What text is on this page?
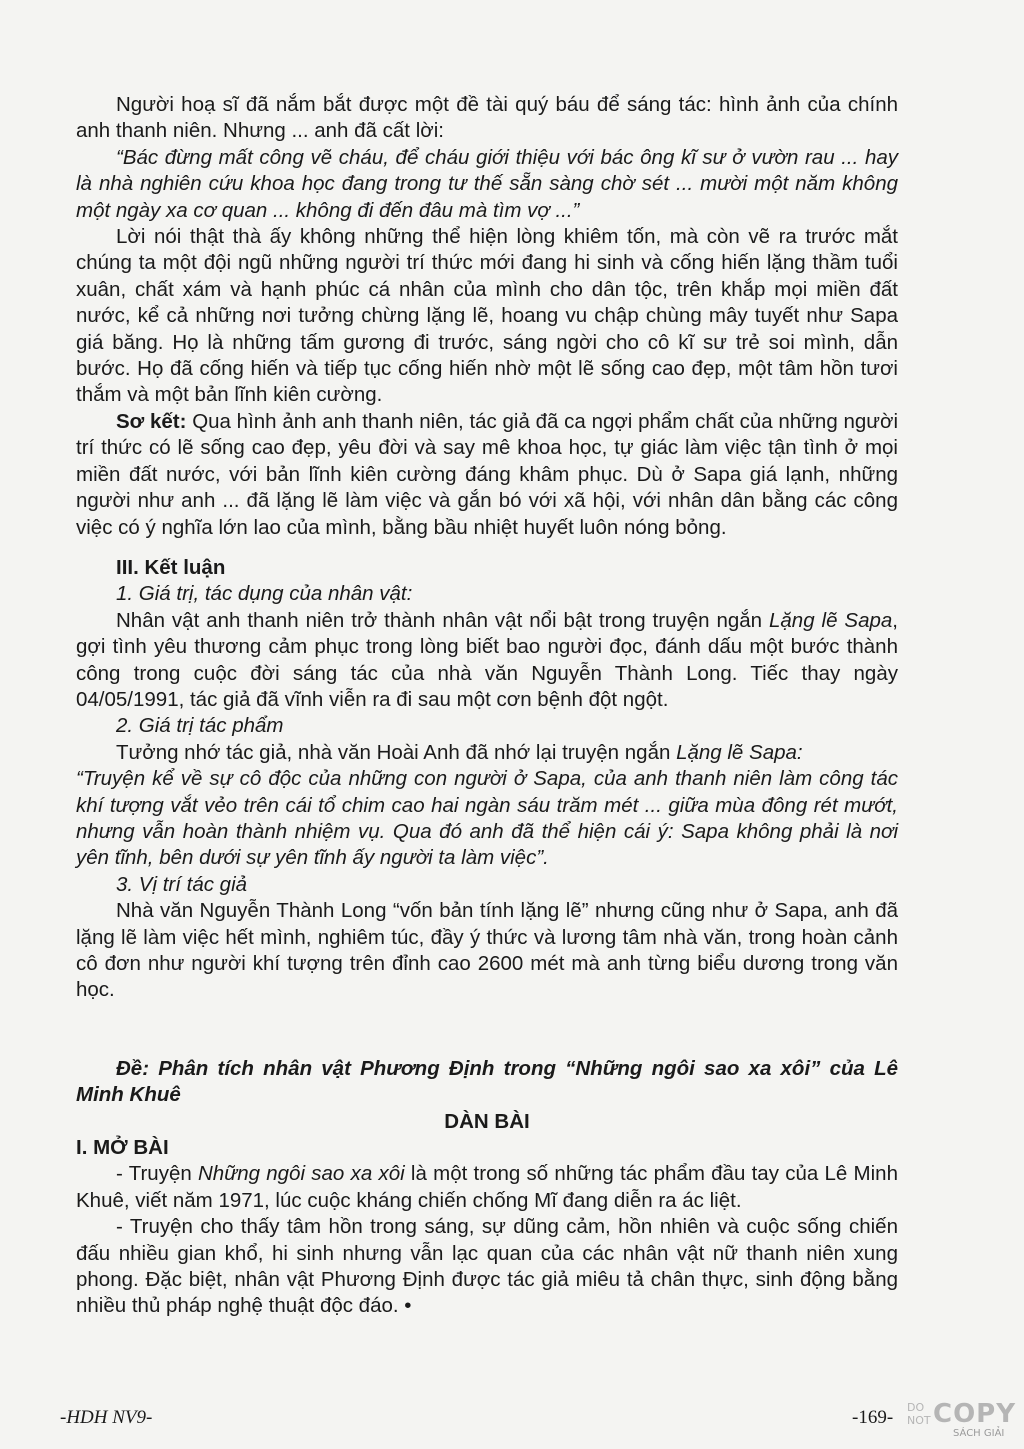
Người hoạ sĩ đã nắm bắt được một đề tài quý báu để sáng tác: hình ảnh của chính anh thanh niên. Nhưng ... anh đã cất lời:

“Bác đừng mất công vẽ cháu, để cháu giới thiệu với bác ông kĩ sư ở vườn rau ... hay là nhà nghiên cứu khoa học đang trong tư thế sẵn sàng chờ sét ... mười một năm không một ngày xa cơ quan ... không đi đến đâu mà tìm vợ ...”

Lời nói thật thà ấy không những thể hiện lòng khiêm tốn, mà còn vẽ ra trước mắt chúng ta một đội ngũ những người trí thức mới đang hi sinh và cống hiến lặng thầm tuổi xuân, chất xám và hạnh phúc cá nhân của mình cho dân tộc, trên khắp mọi miền đất nước, kể cả những nơi tưởng chừng lặng lẽ, hoang vu chập chùng mây tuyết như Sapa giá băng. Họ là những tấm gương đi trước, sáng ngời cho cô kĩ sư trẻ soi mình, dẫn bước. Họ đã cống hiến và tiếp tục cống hiến nhờ một lẽ sống cao đẹp, một tâm hồn tươi thắm và một bản lĩnh kiên cường.

Sơ kết: Qua hình ảnh anh thanh niên, tác giả đã ca ngợi phẩm chất của những người trí thức có lẽ sống cao đẹp, yêu đời và say mê khoa học, tự giác làm việc tận tình ở mọi miền đất nước, với bản lĩnh kiên cường đáng khâm phục. Dù ở Sapa giá lạnh, những người như anh ... đã lặng lẽ làm việc và gắn bó với xã hội, với nhân dân bằng các công việc có ý nghĩa lớn lao của mình, bằng bầu nhiệt huyết luôn nóng bỏng.

III. Kết luận

1. Giá trị, tác dụng của nhân vật:

Nhân vật anh thanh niên trở thành nhân vật nổi bật trong truyện ngắn Lặng lẽ Sapa, gợi tình yêu thương cảm phục trong lòng biết bao người đọc, đánh dấu một bước thành công trong cuộc đời sáng tác của nhà văn Nguyễn Thành Long. Tiếc thay ngày 04/05/1991, tác giả đã vĩnh viễn ra đi sau một cơn bệnh đột ngột.

2. Giá trị tác phẩm

Tưởng nhớ tác giả, nhà văn Hoài Anh đã nhớ lại truyện ngắn Lặng lẽ Sapa:

“Truyện kể về sự cô độc của những con người ở Sapa, của anh thanh niên làm công tác khí tượng vắt vẻo trên cái tổ chim cao hai ngàn sáu trăm mét ... giữa mùa đông rét mướt, nhưng vẫn hoàn thành nhiệm vụ. Qua đó anh đã thể hiện cái ý: Sapa không phải là nơi yên tĩnh, bên dưới sự yên tĩnh ấy người ta làm việc”.

3. Vị trí tác giả

Nhà văn Nguyễn Thành Long “vốn bản tính lặng lẽ” nhưng cũng như ở Sapa, anh đã lặng lẽ làm việc hết mình, nghiêm túc, đầy ý thức và lương tâm nhà văn, trong hoàn cảnh cô đơn như người khí tượng trên đỉnh cao 2600 mét mà anh từng biểu dương trong văn học.

Đề: Phân tích nhân vật Phương Định trong “Những ngôi sao xa xôi” của Lê Minh Khuê

DÀN BÀI

I. MỞ BÀI

- Truyện Những ngôi sao xa xôi là một trong số những tác phẩm đầu tay của Lê Minh Khuê, viết năm 1971, lúc cuộc kháng chiến chống Mĩ đang diễn ra ác liệt.

- Truyện cho thấy tâm hồn trong sáng, sự dũng cảm, hồn nhiên và cuộc sống chiến đấu nhiều gian khổ, hi sinh nhưng vẫn lạc quan của các nhân vật nữ thanh niên xung phong. Đặc biệt, nhân vật Phương Định được tác giả miêu tả chân thực, sinh động bằng nhiều thủ pháp nghệ thuật độc đáo. •

-HDH NV9-	-169- DO
NOT COPY
SÁCH GIẢI
